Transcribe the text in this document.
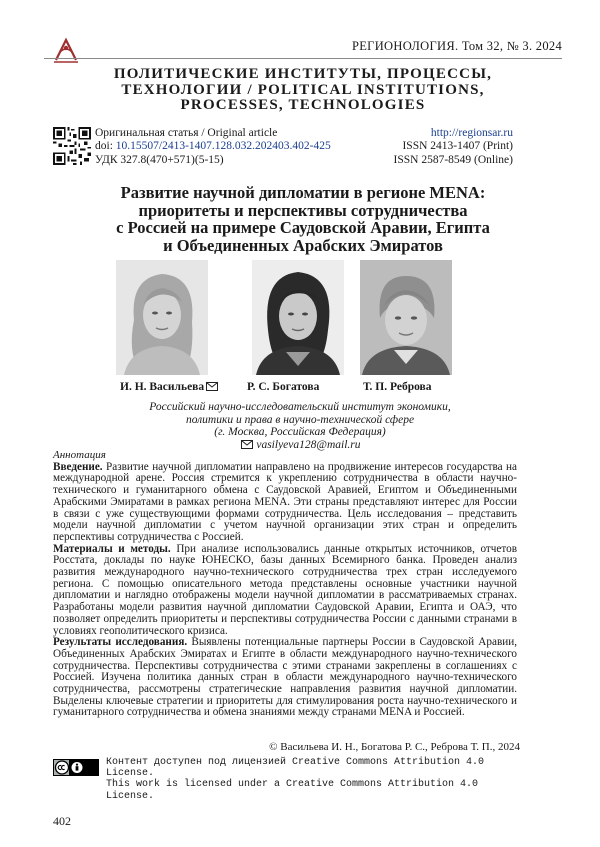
РЕГИОНОЛОГИЯ. Том 32, № 3. 2024
ПОЛИТИЧЕСКИЕ ИНСТИТУТЫ, ПРОЦЕССЫ,
ТЕХНОЛОГИИ / POLITICAL INSTITUTIONS,
PROCESSES, TECHNOLOGIES
Оригинальная статья / Original article
doi: 10.15507/2413-1407.128.032.202403.402-425
УДК 327.8(470+571)(5-15)
http://regionsar.ru
ISSN 2413-1407 (Print)
ISSN 2587-8549 (Online)
Развитие научной дипломатии в регионе MENA:
приоритеты и перспективы сотрудничества
с Россией на примере Саудовской Аравии, Египта
и Объединенных Арабских Эмиратов
И. Н. Васильева	Р. С. Богатова	Т. П. Реброва
Российский научно-исследовательский институт экономики,
политики и права в научно-технической сфере
(г. Москва, Российская Федерация)
vasilyeva128@mail.ru
Аннотация

Введение. Развитие научной дипломатии направлено на продвижение интересов государства на международной арене. Россия стремится к укреплению сотрудничества в области научно-технического и гуманитарного обмена с Саудовской Аравией, Египтом и Объединенными Арабскими Эмиратами в рамках региона MENA. Эти страны представляют интерес для России в связи с уже существующими формами сотрудничества. Цель исследования – представить модели научной дипломатии с учетом научной организации этих стран и определить перспективы сотрудничества с Россией.

Материалы и методы. При анализе использовались данные открытых источников, отчетов Росстата, доклады по науке ЮНЕСКО, базы данных Всемирного банка. Проведен анализ развития международного научно-технического сотрудничества трех стран исследуемого региона. С помощью описательного метода представлены основные участники научной дипломатии и наглядно отображены модели научной дипломатии в рассматриваемых странах. Разработаны модели развития научной дипломатии Саудовской Аравии, Египта и ОАЭ, что позволяет определить приоритеты и перспективы сотрудничества России с данными странами в условиях геополитического кризиса.

Результаты исследования. Выявлены потенциальные партнеры России в Саудовской Аравии, Объединенных Арабских Эмиратах и Египте в области международного научно-технического сотрудничества. Перспективы сотрудничества с этими странами закреплены в соглашениях с Россией. Изучена политика данных стран в области международного научно-технического сотрудничества, рассмотрены стратегические направления развития научной дипломатии. Выделены ключевые стратегии и приоритеты для стимулирования роста научно-технического и гуманитарного сотрудничества и обмена знаниями между странами MENA и Россией.

© Васильева И. Н., Богатова Р. С., Реброва Т. П., 2024
Контент доступен под лицензией Creative Commons Attribution 4.0 License.
This work is licensed under a Creative Commons Attribution 4.0 License.
402
